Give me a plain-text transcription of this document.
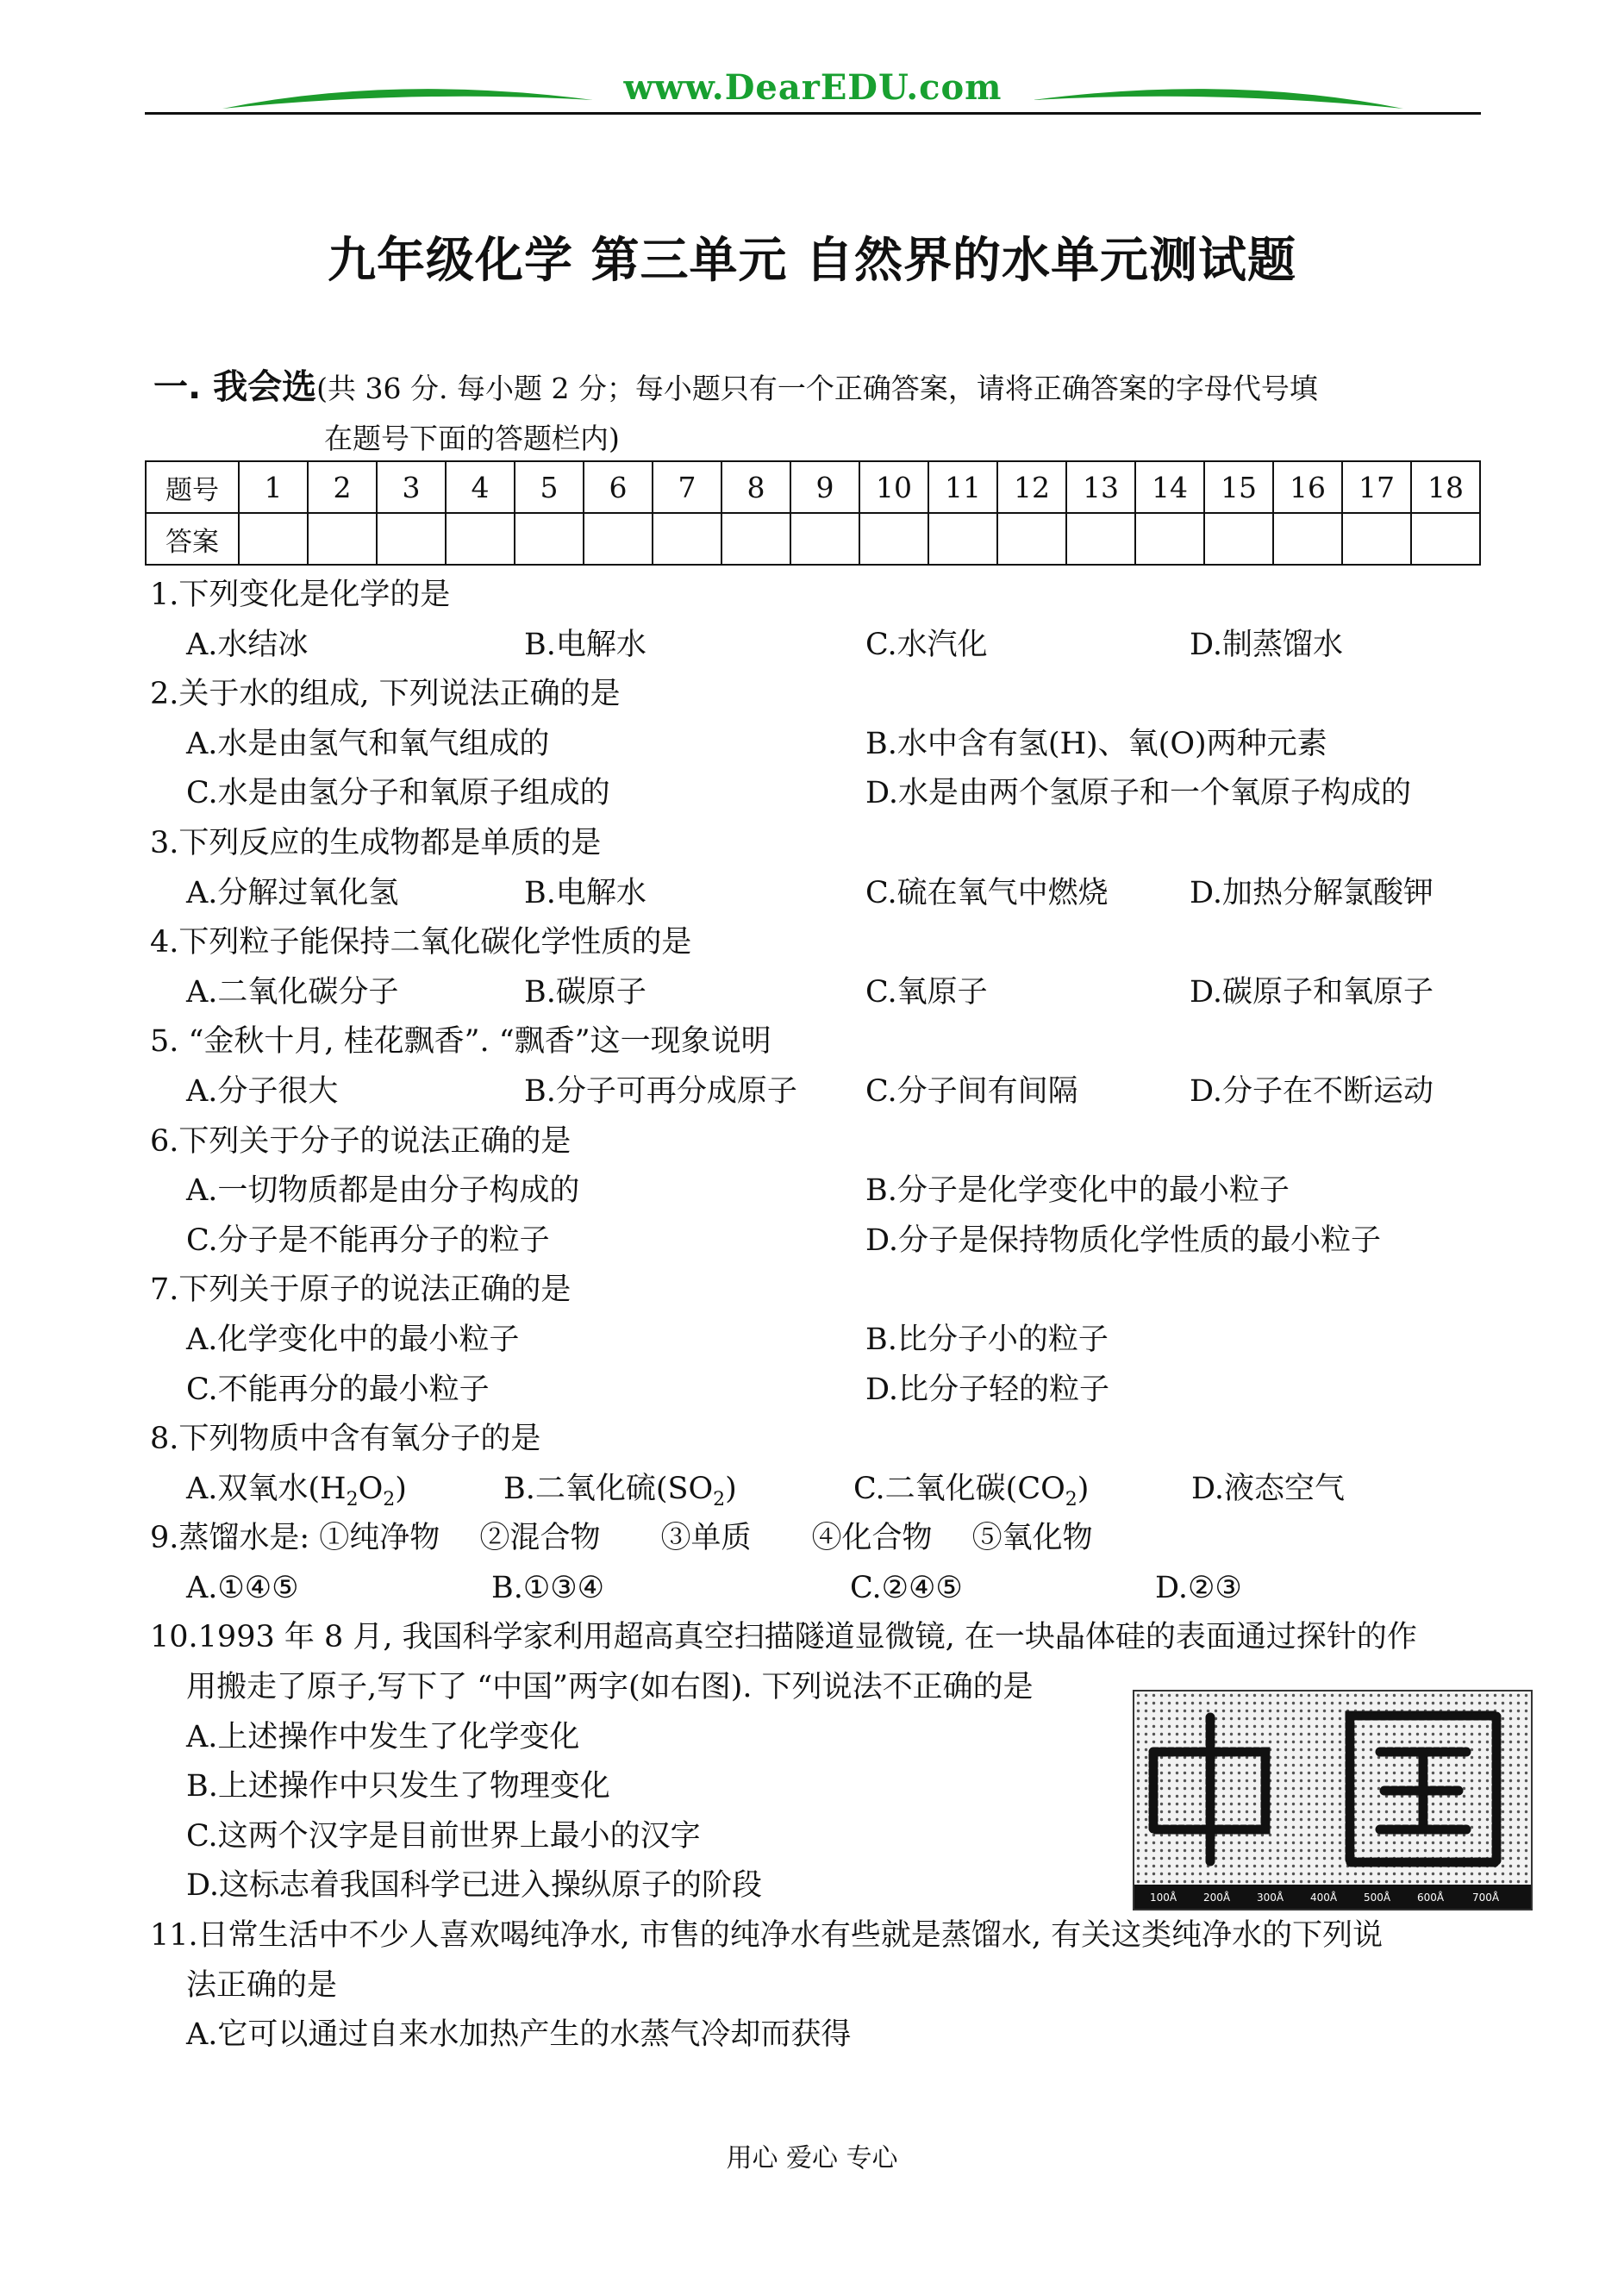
www.DearEDU.com
九年级化学 第三单元 自然界的水单元测试题
一. 我会选(共 36 分. 每小题 2 分；每小题只有一个正确答案，请将正确答案的字母代号填
在题号下面的答题栏内)
题号	1	2	3	4	5	6	7	8	9	10	11	12	13	14	15	16	17	18
答案																		
1.下列变化是化学的是
A.水结冰	B.电解水	C.水汽化	D.制蒸馏水
2.关于水的组成, 下列说法正确的是
A.水是由氢气和氧气组成的	B.水中含有氢(H)、氧(O)两种元素
C.水是由氢分子和氧原子组成的	D.水是由两个氢原子和一个氧原子构成的
3.下列反应的生成物都是单质的是
A.分解过氧化氢	B.电解水	C.硫在氧气中燃烧	D.加热分解氯酸钾
4.下列粒子能保持二氧化碳化学性质的是
A.二氧化碳分子	B.碳原子	C.氧原子	D.碳原子和氧原子
5. “金秋十月, 桂花飘香”. “飘香”这一现象说明
A.分子很大	B.分子可再分成原子 C.分子间有间隔	D.分子在不断运动
6.下列关于分子的说法正确的是
A.一切物质都是由分子构成的	B.分子是化学变化中的最小粒子
C.分子是不能再分子的粒子	D.分子是保持物质化学性质的最小粒子
7.下列关于原子的说法正确的是
A.化学变化中的最小粒子	B.比分子小的粒子
C.不能再分的最小粒子	D.比分子轻的粒子
8.下列物质中含有氧分子的是
A.双氧水$(H_2O_2)$	B.二氧化硫$(SO_2)$	C.二氧化碳$(CO_2)$	D.液态空气
9.蒸馏水是: ①纯净物　 ②混合物　　③单质　　④化合物　 ⑤氧化物
A.①④⑤	B.①③④	C.②④⑤	D.②③
10.1993 年 8 月, 我国科学家利用超高真空扫描隧道显微镜, 在一块晶体硅的表面通过探针的作
用搬走了原子,写下了 “中国”两字(如右图). 下列说法不正确的是
A.上述操作中发生了化学变化
B.上述操作中只发生了物理变化
C.这两个汉字是目前世界上最小的汉字
D.这标志着我国科学已进入操纵原子的阶段
11.日常生活中不少人喜欢喝纯净水, 市售的纯净水有些就是蒸馏水, 有关这类纯净水的下列说
法正确的是
A.它可以通过自来水加热产生的水蒸气冷却而获得
100Å	200Å	300Å	400Å	500Å	600Å	700Å
用心 爱心 专心
